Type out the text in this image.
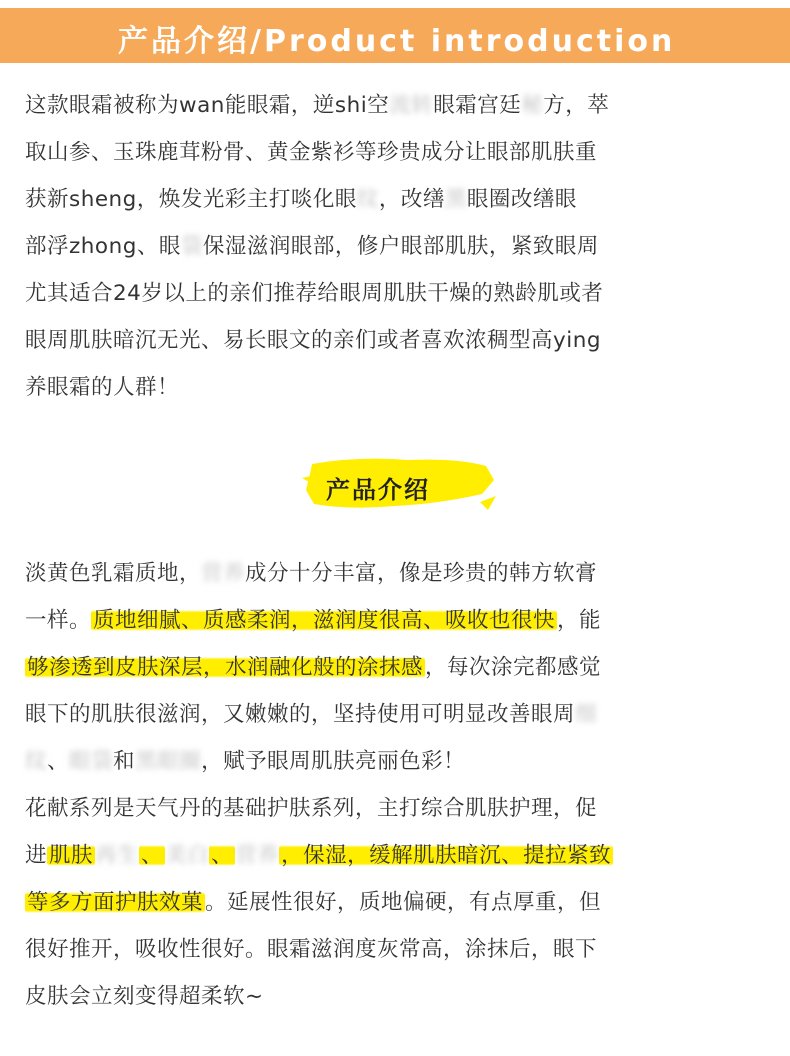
产品介绍/Product introduction
这款眼霜被称为wan能眼霜，逆shi空流转眼霜宫廷秘方，萃
取山参、玉珠鹿茸粉骨、黄金紫衫等珍贵成分让眼部肌肤重
获新sheng，焕发光彩主打啖化眼纹，改缮黑眼圈改缮眼
部浮zhong、眼袋保湿滋润眼部，修户眼部肌肤，紧致眼周
尤其适合24岁以上的亲们推荐给眼周肌肤干燥的熟龄肌或者
眼周肌肤暗沉无光、易长眼文的亲们或者喜欢浓稠型高ying
养眼霜的人群！
产品介绍
淡黄色乳霜质地，营养成分十分丰富，像是珍贵的韩方软膏
一样。质地细腻、质感柔润，滋润度很高、吸收也很快，能
够渗透到皮肤深层，水润融化般的涂抹感，每次涂完都感觉
眼下的肌肤很滋润，又嫩嫩的，坚持使用可明显改善眼周细
纹、眼袋和黑眼圈，赋予眼周肌肤亮丽色彩！
花献系列是天气丹的基础护肤系列，主打综合肌肤护理，促
进肌肤再生、美白、营养，保湿，缓解肌肤暗沉、提拉紧致
等多方面护肤效菓。延展性很好，质地偏硬，有点厚重，但
很好推开，吸收性很好。眼霜滋润度灰常高，涂抹后，眼下
皮肤会立刻变得超柔软~
